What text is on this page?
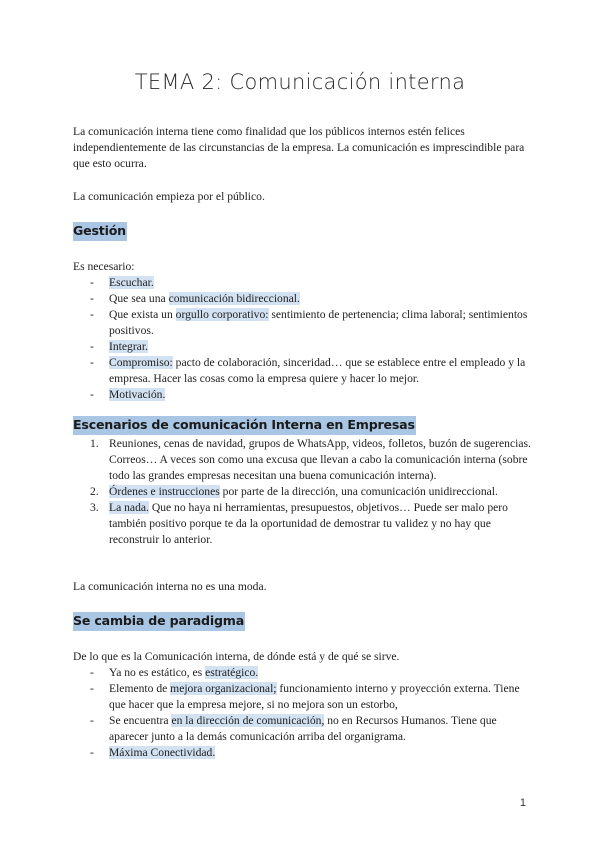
TEMA 2: Comunicación interna

La comunicación interna tiene como finalidad que los públicos internos estén felices independientemente de las circunstancias de la empresa. La comunicación es imprescindible para que esto ocurra.

La comunicación empieza por el público.

Gestión

Es necesario:

- Escuchar.
- Que sea una comunicación bidireccional.
- Que exista un orgullo corporativo: sentimiento de pertenencia; clima laboral; sentimientos positivos.
- Integrar.
- Compromiso: pacto de colaboración, sinceridad… que se establece entre el empleado y la empresa. Hacer las cosas como la empresa quiere y hacer lo mejor.
- Motivación.
Escenarios de comunicación Interna en Empresas
1. Reuniones, cenas de navidad, grupos de WhatsApp, videos, folletos, buzón de sugerencias. Correos… A veces son como una excusa que llevan a cabo la comunicación interna (sobre todo las grandes empresas necesitan una buena comunicación interna).
2. Órdenes e instrucciones por parte de la dirección, una comunicación unidireccional.
3. La nada. Que no haya ni herramientas, presupuestos, objetivos… Puede ser malo pero también positivo porque te da la oportunidad de demostrar tu validez y no hay que reconstruir lo anterior.

La comunicación interna no es una moda.

Se cambia de paradigma

De lo que es la Comunicación interna, de dónde está y de qué se sirve.

- Ya no es estático, es estratégico.
- Elemento de mejora organizacional; funcionamiento interno y proyección externa. Tiene que hacer que la empresa mejore, si no mejora son un estorbo,
- Se encuentra en la dirección de comunicación, no en Recursos Humanos. Tiene que aparecer junto a la demás comunicación arriba del organigrama.
- Máxima Conectividad.
1
